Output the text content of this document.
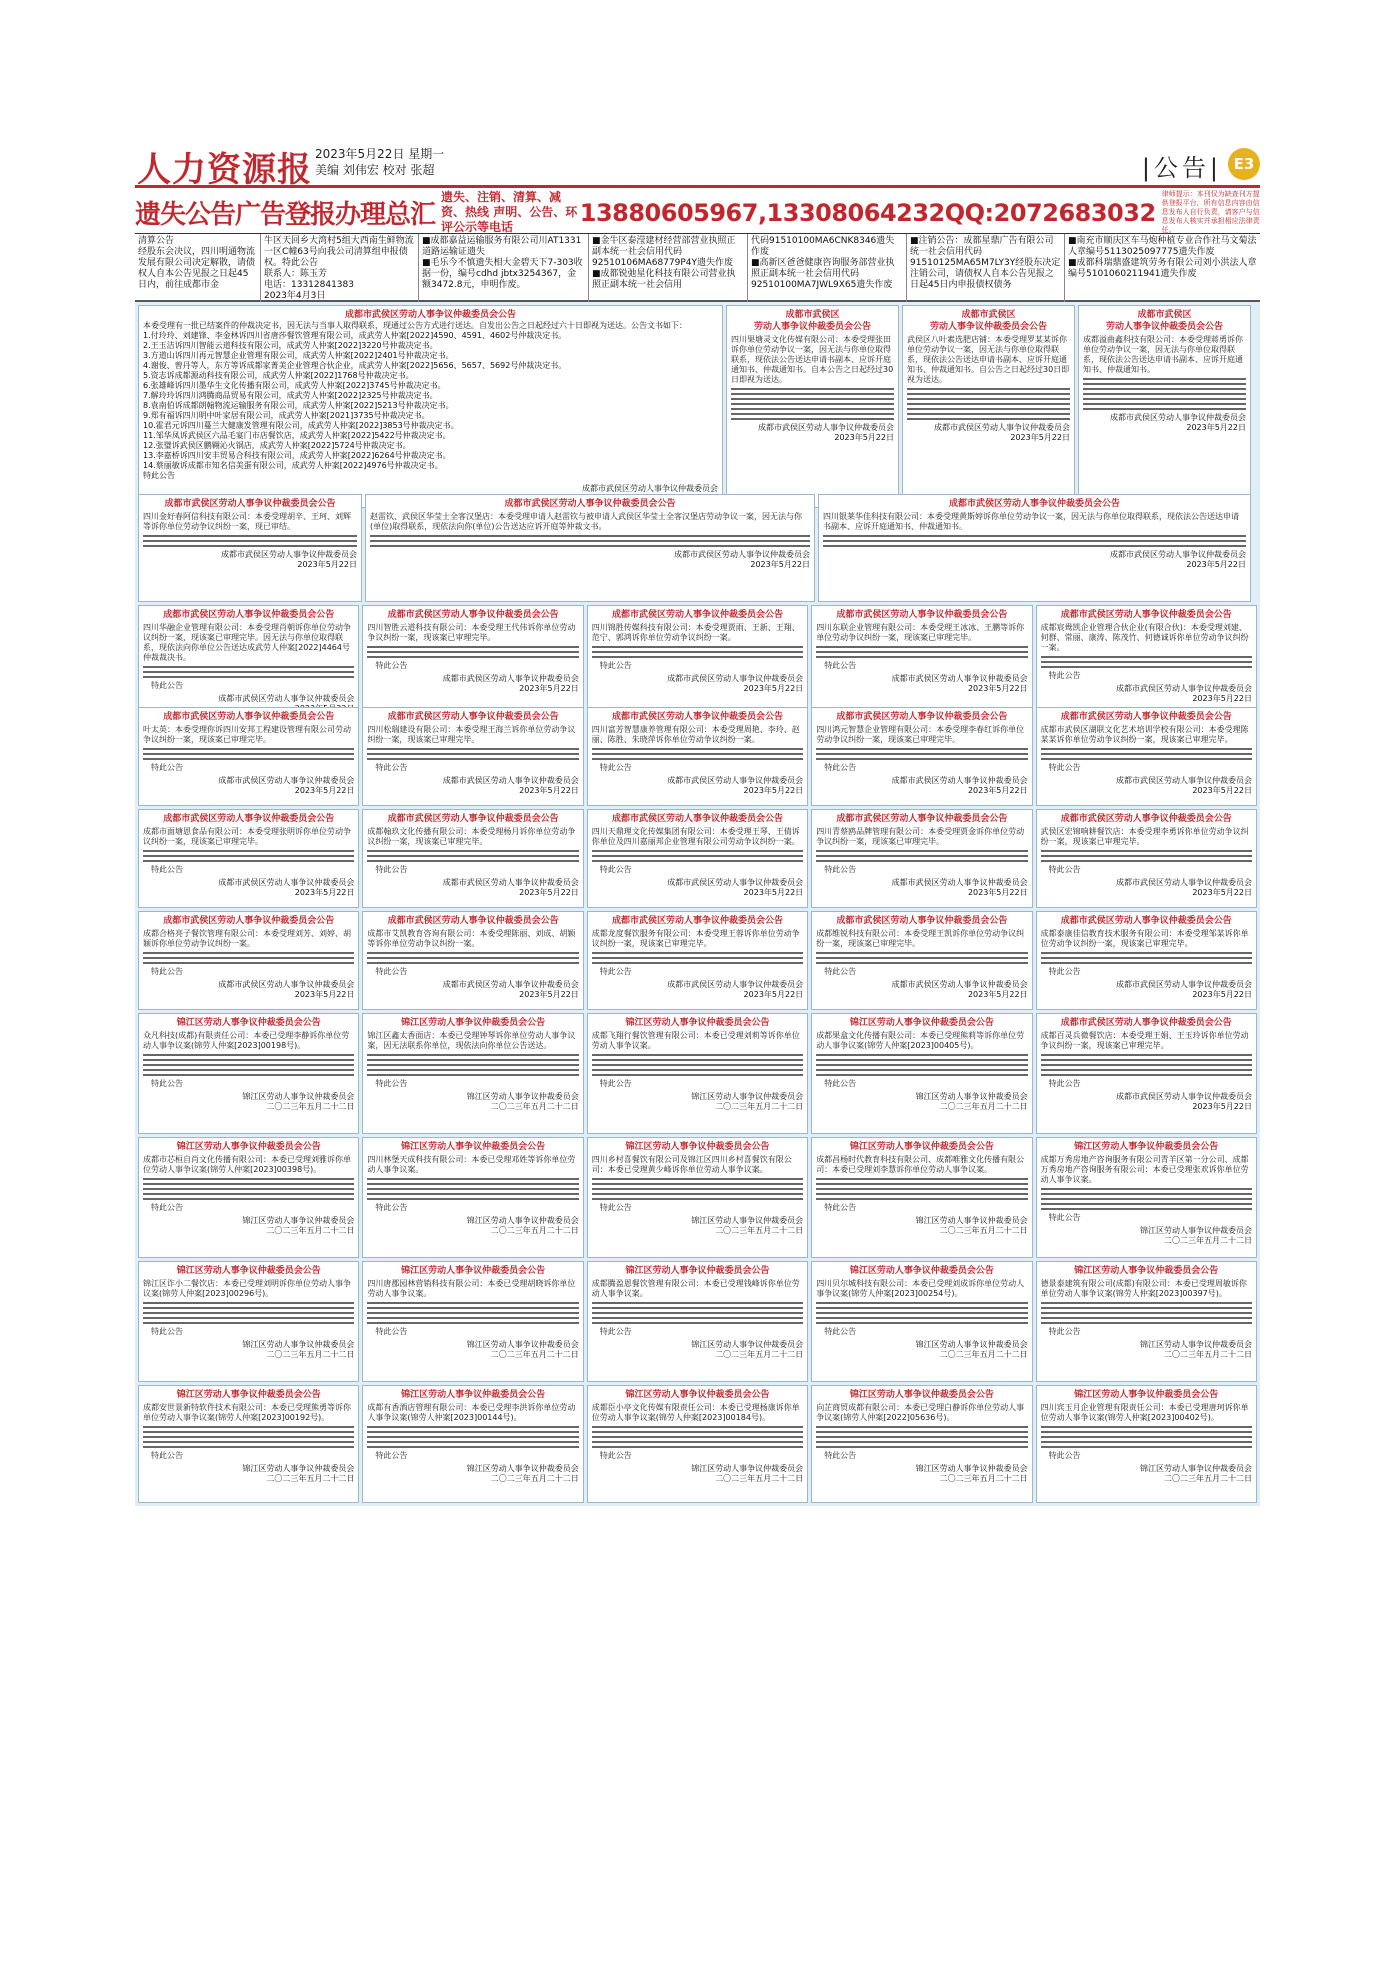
人力资源报 2023年5月22日 星期一
美编 刘伟宏 校对 张超	|公告| E3
遗失公告广告登报办理总汇
遗失、注销、清算、减资、热线 声明、公告、环评公示等电话
13880605967,13308064232QQ:2072683032
律师提示：本刊仅为缺查刊方提供登报平台，所有信息内容由信息发布人自行负责，请客户与信息发布人核实并承担相应法律责任。
清算公告
经股东会决议，四川明通物流发展有限公司决定解散，请债权人自本公告见报之日起45日内，前往成都市金
牛区天回乡大湾村5组大西南生鲜物流一区C幢63号向我公司清算组申报债权。特此公告
联系人：陈玉芳
电话：13312841383
2023年4月3日
■成都嘉益运输服务有限公司川AT1331道路运输证遗失
■毛乐今不慎遗失相大金碧天下7-303收据一份，编号cdhd jbtx3254367，金额3472.8元，申明作废。
■金牛区泰滢建材经营部营业执照正副本统一社会信用代码92510106MA68779P4Y遗失作废
■成都锐弛星化科技有限公司营业执照正副本统一社会信用
代码91510100MA6CNK8346遗失作废
■高新区爸爸健康咨询服务部营业执照正副本统一社会信用代码92510100MA7JWL9X65遗失作废
■注销公告：成都星鼎广告有限公司统一社会信用代码91510125MA65M7LY3Y经股东决定注销公司，请债权人自本公告见报之日起45日内申报债权债务
■南充市顺庆区车马炮种植专业合作社马文菊法人章编号5113025097775遗失作废
■成都科瑞鼎盛建筑劳务有限公司刘小洪法人章编号5101060211941遗失作废
成都市武侯区劳动人事争议仲裁委员会公告
本委受理有一批已结案件的仲裁决定书，因无法与当事人取得联系，现通过公告方式进行送达。自发出公告之日起经过六十日即视为送达。公告文书如下：
1.付玲玲、刘建锋、李金林诉四川省唐莎餐饮管理有限公司，成武劳人仲案[2022]4590、4591、4602号仲裁决定书。
2.王玉洁诉四川智能云道科技有限公司，成武劳人仲案[2022]3220号仲裁决定书。
3.方道山诉四川再元智慧企业管理有限公司，成武劳人仲案[2022]2401号仲裁决定书。
4.谢俊、曾丹等人，东方等诉成都家菁美企业管理合伙企业，成武劳人仲案[2022]5656、5657、5692号仲裁决定书。
5.资志诉成都源动科技有限公司，成武劳人仲案[2022]1768号仲裁决定书。
6.张雄峰诉四川墨华生文化传播有限公司，成武劳人仲案[2022]3745号仲裁决定书。
7.解玲玲诉四川鸿腾商品贸易有限公司，成武劳人仲案[2022]2325号仲裁决定书。
8.袁南伯诉成都朗翰物流运输服务有限公司，成武劳人仲案[2022]5213号仲裁决定书。
9.郑有福诉四川明中叶家居有限公司，成武劳人仲案[2021]3735号仲裁决定书。
10.霍君元诉四川蔓兰大健康发管理有限公司，成武劳人仲案[2022]3853号仲裁决定书。
11.邹华凤诉武侯区六品毛宴门市店餐饮店，成武劳人仲案[2022]5422号仲裁决定书。
12.张璧诉武侯区鹏翱沁火锅店，成武劳人仲案[2022]5724号仲裁决定书。
13.李嘉桥诉四川安丰贸易合科技有限公司，成武劳人仲案[2022]6264号仲裁决定书。
14.蔡丽敏诉成都市知名信美蛋有限公司，成武劳人仲案[2022]4976号仲裁决定书。
特此公告
成都市武侯区劳动人事争议仲裁委员会
成都市武侯区
劳动人事争议仲裁委员会公告
四川果塘灵文化传媒有限公司：本委受理张田诉你单位劳动争议一案，因无法与你单位取得联系，现依法公告送达申请书副本、应诉开庭通知书、仲裁通知书。自本公告之日起经过30日即视为送达。
成都市武侯区劳动人事争议仲裁委员会
2023年5月22日
成都市武侯区
劳动人事争议仲裁委员会公告
武侯区八叶素选肥店铺：本委受理罗某某诉你单位劳动争议一案，因无法与你单位取得联系，现依法公告送达申请书副本、应诉开庭通知书、仲裁通知书。自公告之日起经过30日即视为送达。
成都市武侯区劳动人事争议仲裁委员会
2023年5月22日
成都市武侯区
劳动人事争议仲裁委员会公告
成都溢曲鑫科技有限公司：本委受理蒋勇诉你单位劳动争议一案，因无法与你单位取得联系，现依法公告送达申请书副本、应诉开庭通知书、仲裁通知书。
成都市武侯区劳动人事争议仲裁委员会
2023年5月22日
成都市武侯区劳动人事争议仲裁委员会公告
四川金好春阿信科技有限公司：本委受理胡辛、王珂、刘辉等诉你单位劳动争议纠纷一案，现已审结。
成都市武侯区劳动人事争议仲裁委员会
2023年5月22日
成都市武侯区劳动人事争议仲裁委员会公告
赵雷钦、武侯区华莹士全客汉堡店：本委受理申请人赵雷钦与被申请人武侯区华莹士全客汉堡店劳动争议一案，因无法与你(单位)取得联系，现依法向你(单位)公告送达应诉开庭等仲裁文书。
成都市武侯区劳动人事争议仲裁委员会
2023年5月22日
成都市武侯区劳动人事争议仲裁委员会公告
四川银莱华佳科技有限公司：本委受理黄斯婷诉你单位劳动争议一案，因无法与你单位取得联系，现依法公告送达申请书副本、应诉开庭通知书、仲裁通知书。
成都市武侯区劳动人事争议仲裁委员会
2023年5月22日
成都市武侯区劳动人事争议仲裁委员会公告
四川华融企业管理有限公司：本委受理肖朝诉你单位劳动争议纠纷一案，现该案已审理完毕。因无法与你单位取得联系，现依法向你单位公告送达成武劳人仲案[2022]4464号仲裁裁决书。
特此公告
成都市武侯区劳动人事争议仲裁委员会
成都市武侯区劳动人事争议仲裁委员会公告
四川智胜云道科技有限公司：本委受理王代伟诉你单位劳动争议纠纷一案，现该案已审理完毕。
特此公告
成都市武侯区劳动人事争议仲裁委员会
2023年5月22日
成都市武侯区劳动人事争议仲裁委员会公告
四川锦胜传媒科技有限公司：本委受理贾雨、王新、王翔、范宁、郭鸿诉你单位劳动争议纠纷一案。
特此公告
成都市武侯区劳动人事争议仲裁委员会
2023年5月22日
成都市武侯区劳动人事争议仲裁委员会公告
四川东联企业管理有限公司：本委受理王冰冰、王鹏等诉你单位劳动争议纠纷一案，现该案已审理完毕。
特此公告
成都市武侯区劳动人事争议仲裁委员会
2023年5月22日
成都市武侯区劳动人事争议仲裁委员会公告
成都宸鸯凯企业管理合伙企业(有限合伙)：本委受理刘建、何群、常丽、康涛、陈茂竹、何德诚诉你单位劳动争议纠纷一案。
特此公告
成都市武侯区劳动人事争议仲裁委员会
2023年5月22日
成都市武侯区劳动人事争议仲裁委员会公告
叶太英：本委受理你诉四川安邦工程建设管理有限公司劳动争议纠纷一案，现该案已审理完毕。
特此公告
成都市武侯区劳动人事争议仲裁委员会
2023年5月22日
成都市武侯区劳动人事争议仲裁委员会公告
四川松瑞建设有限公司：本委受理王海兰诉你单位劳动争议纠纷一案，现该案已审理完毕。
特此公告
成都市武侯区劳动人事争议仲裁委员会
2023年5月22日
成都市武侯区劳动人事争议仲裁委员会公告
四川富芳智慧康养管理有限公司：本委受理周艳、李玲、赵丽、陈胜、朱晓萍诉你单位劳动争议纠纷一案。
特此公告
成都市武侯区劳动人事争议仲裁委员会
2023年5月22日
成都市武侯区劳动人事争议仲裁委员会公告
四川鸿元智慧企业管理有限公司：本委受理李春红诉你单位劳动争议纠纷一案，现该案已审理完毕。
特此公告
成都市武侯区劳动人事争议仲裁委员会
2023年5月22日
成都市武侯区劳动人事争议仲裁委员会公告
成都市武侯区湖联文化艺术培训学校有限公司：本委受理陈某某诉你单位劳动争议纠纷一案，现该案已审理完毕。
特此公告
成都市武侯区劳动人事争议仲裁委员会
2023年5月22日
成都市武侯区劳动人事争议仲裁委员会公告
成都市面塘恩食品有限公司：本委受理张明诉你单位劳动争议纠纷一案，现该案已审理完毕。
特此公告
成都市武侯区劳动人事争议仲裁委员会
2023年5月22日
成都市武侯区劳动人事争议仲裁委员会公告
成都翰玖文化传播有限公司：本委受理杨月诉你单位劳动争议纠纷一案，现该案已审理完毕。
特此公告
成都市武侯区劳动人事争议仲裁委员会
2023年5月22日
成都市武侯区劳动人事争议仲裁委员会公告
四川天鼎理文化传媒集团有限公司：本委受理王琴、王倩诉你单位及四川嘉丽邦企业管理有限公司劳动争议纠纷一案。
特此公告
成都市武侯区劳动人事争议仲裁委员会
2023年5月22日
成都市武侯区劳动人事争议仲裁委员会公告
四川青蔡鸥品牌管理有限公司：本委受理贾金诉你单位劳动争议纠纷一案，现该案已审理完毕。
特此公告
成都市武侯区劳动人事争议仲裁委员会
2023年5月22日
成都市武侯区劳动人事争议仲裁委员会公告
武侯区宏锦响耕餐饮店：本委受理李勇诉你单位劳动争议纠纷一案，现该案已审理完毕。
特此公告
成都市武侯区劳动人事争议仲裁委员会
2023年5月22日
成都市武侯区劳动人事争议仲裁委员会公告
成都合格亮子餐饮管理有限公司：本委受理刘芳、刘婷、胡颖诉你单位劳动争议纠纷一案。
特此公告
成都市武侯区劳动人事争议仲裁委员会
2023年5月22日
成都市武侯区劳动人事争议仲裁委员会公告
成都市艾凯教育咨询有限公司：本委受理陈丽、刘成、胡颖等诉你单位劳动争议纠纷一案。
特此公告
成都市武侯区劳动人事争议仲裁委员会
2023年5月22日
成都市武侯区劳动人事争议仲裁委员会公告
成都龙度餐饮服务有限公司：本委受理王蓉诉你单位劳动争议纠纷一案，现该案已审理完毕。
特此公告
成都市武侯区劳动人事争议仲裁委员会
2023年5月22日
成都市武侯区劳动人事争议仲裁委员会公告
成都维锐科技有限公司：本委受理王凯诉你单位劳动争议纠纷一案，现该案已审理完毕。
特此公告
成都市武侯区劳动人事争议仲裁委员会
2023年5月22日
成都市武侯区劳动人事争议仲裁委员会公告
成都泰康佳信教育技术服务有限公司：本委受理邹某诉你单位劳动争议纠纷一案，现该案已审理完毕。
特此公告
成都市武侯区劳动人事争议仲裁委员会
2023年5月22日
锦江区劳动人事争议仲裁委员会公告
众凡科技(成都)有限责任公司：本委已受理李静诉你单位劳动人事争议案(锦劳人仲案[2023]00198号)。
特此公告
锦江区劳动人事争议仲裁委员会
二〇二三年五月二十二日
锦江区劳动人事争议仲裁委员会公告
锦江区鑫太香面店：本委已受理钟琴诉你单位劳动人事争议案，因无法联系你单位，现依法向你单位公告送达。
特此公告
锦江区劳动人事争议仲裁委员会
二〇二三年五月二十二日
锦江区劳动人事争议仲裁委员会公告
成都飞翔行餐饮管理有限公司：本委已受理刘莉等诉你单位劳动人事争议案。
特此公告
锦江区劳动人事争议仲裁委员会
二〇二三年五月二十二日
锦江区劳动人事争议仲裁委员会公告
成都果盒文化传播有限公司：本委已受理熊莉等诉你单位劳动人事争议案(锦劳人仲案[2023]00405号)。
特此公告
锦江区劳动人事争议仲裁委员会
二〇二三年五月二十二日
成都市武侯区劳动人事争议仲裁委员会公告
成都百灵兵微餐饮店：本委受理王娟、王玉玲诉你单位劳动争议纠纷一案，现该案已审理完毕。
特此公告
成都市武侯区劳动人事争议仲裁委员会
2023年5月22日
锦江区劳动人事争议仲裁委员会公告
成都市芯桓自肖文化传播有限公司：本委已受理刘雅诉你单位劳动人事争议案(锦劳人仲案[2023]00398号)。
特此公告
锦江区劳动人事争议仲裁委员会
二〇二三年五月二十二日
锦江区劳动人事争议仲裁委员会公告
四川林堡天成科技有限公司：本委已受理邓姓等诉你单位劳动人事争议案。
特此公告
锦江区劳动人事争议仲裁委员会
二〇二三年五月二十二日
锦江区劳动人事争议仲裁委员会公告
四川乡村喜餐饮有限公司及锦江区四川乡村喜餐饮有限公司：本委已受理黄少峰诉你单位劳动人事争议案。
特此公告
锦江区劳动人事争议仲裁委员会
二〇二三年五月二十二日
锦江区劳动人事争议仲裁委员会公告
成都昌杨时代教育科技有限公司、成都唯雅文化传播有限公司：本委已受理刘李慧诉你单位劳动人事争议案。
特此公告
锦江区劳动人事争议仲裁委员会
二〇二三年五月二十二日
锦江区劳动人事争议仲裁委员会公告
成都万秀房地产咨询服务有限公司青羊区第一分公司、成都万秀房地产咨询服务有限公司：本委已受理张欢诉你单位劳动人事争议案。
特此公告
锦江区劳动人事争议仲裁委员会
二〇二三年五月二十二日
锦江区劳动人事争议仲裁委员会公告
锦江区诈小二餐饮店：本委已受理刘明诉你单位劳动人事争议案(锦劳人仲案[2023]00296号)。
特此公告
锦江区劳动人事争议仲裁委员会
二〇二三年五月二十二日
锦江区劳动人事争议仲裁委员会公告
四川唐郡园林营销科技有限公司：本委已受理胡晓诉你单位劳动人事争议案。
特此公告
锦江区劳动人事争议仲裁委员会
二〇二三年五月二十二日
锦江区劳动人事争议仲裁委员会公告
成都腾盈恩餐饮管理有限公司：本委已受理钱峰诉你单位劳动人事争议案。
特此公告
锦江区劳动人事争议仲裁委员会
二〇二三年五月二十二日
锦江区劳动人事争议仲裁委员会公告
四川贝尔城科技有限公司：本委已受理刘成诉你单位劳动人事争议案(锦劳人仲案[2023]00254号)。
特此公告
锦江区劳动人事争议仲裁委员会
二〇二三年五月二十二日
锦江区劳动人事争议仲裁委员会公告
德景泰建筑有限公司(成都)有限公司：本委已受理周敏诉你单位劳动人事争议案(锦劳人仲案[2023]00397号)。
特此公告
锦江区劳动人事争议仲裁委员会
二〇二三年五月二十二日
锦江区劳动人事争议仲裁委员会公告
成都安世景新特软件技术有限公司：本委已受理熊勇等诉你单位劳动人事争议案(锦劳人仲案[2023]00192号)。
特此公告
锦江区劳动人事争议仲裁委员会
二〇二三年五月二十二日
锦江区劳动人事争议仲裁委员会公告
成都有香酒店管理有限公司：本委已受理李洪诉你单位劳动人事争议案(锦劳人仲案[2023]00144号)。
特此公告
锦江区劳动人事争议仲裁委员会
二〇二三年五月二十二日
锦江区劳动人事争议仲裁委员会公告
成都臣小亭文化传媒有限责任公司：本委已受理杨康诉你单位劳动人事争议案(锦劳人仲案[2023]00184号)。
特此公告
锦江区劳动人事争议仲裁委员会
二〇二三年五月二十二日
锦江区劳动人事争议仲裁委员会公告
向芷商贸成都有限公司：本委已受理白静诉你单位劳动人事争议案(锦劳人仲案[2022]05636号)。
特此公告
锦江区劳动人事争议仲裁委员会
二〇二三年五月二十二日
锦江区劳动人事争议仲裁委员会公告
四川宾玉月企业管理有限责任公司：本委已受理唐珂诉你单位劳动人事争议案(锦劳人仲案[2023]00402号)。
特此公告
锦江区劳动人事争议仲裁委员会
二〇二三年五月二十二日
